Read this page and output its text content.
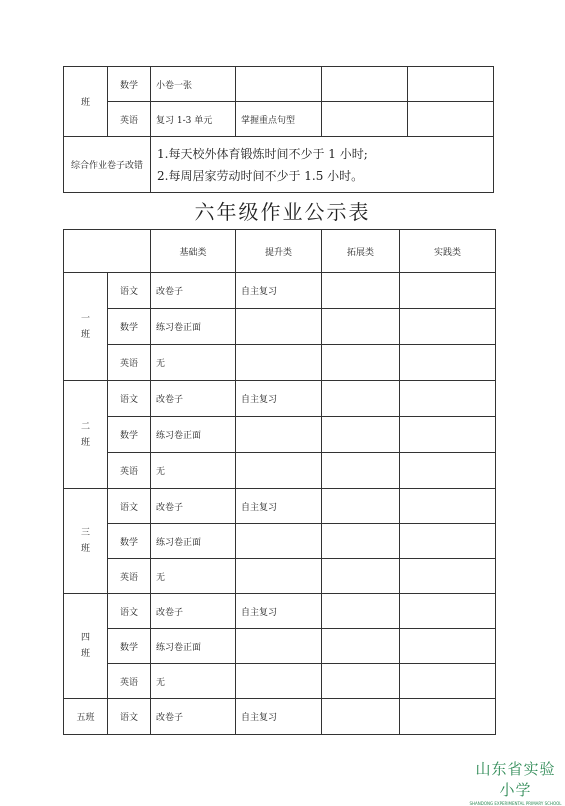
班	数学	小卷一张			
	英语	复习 1-3 单元	掌握重点句型		
综合作业卷子改错		1.每天校外体育锻炼时间不少于 1 小时;
2.每周居家劳动时间不少于 1.5 小时。			
六年级作业公示表
		基础类	提升类	拓展类	实践类

一
班	语文	改卷子	自主复习		
	数学	练习卷正面			
	英语	无			

二
班	语文	改卷子	自主复习		
	数学	练习卷正面			
	英语	无			

三
班	语文	改卷子	自主复习		
	数学	练习卷正面			
	英语	无			

四
班	语文	改卷子	自主复习		
	数学	练习卷正面			
	英语	无			
五班	语文	改卷子	自主复习		
山东省实验小学
SHANDONG EXPERIMENTAL PRIMARY SCHOOL
